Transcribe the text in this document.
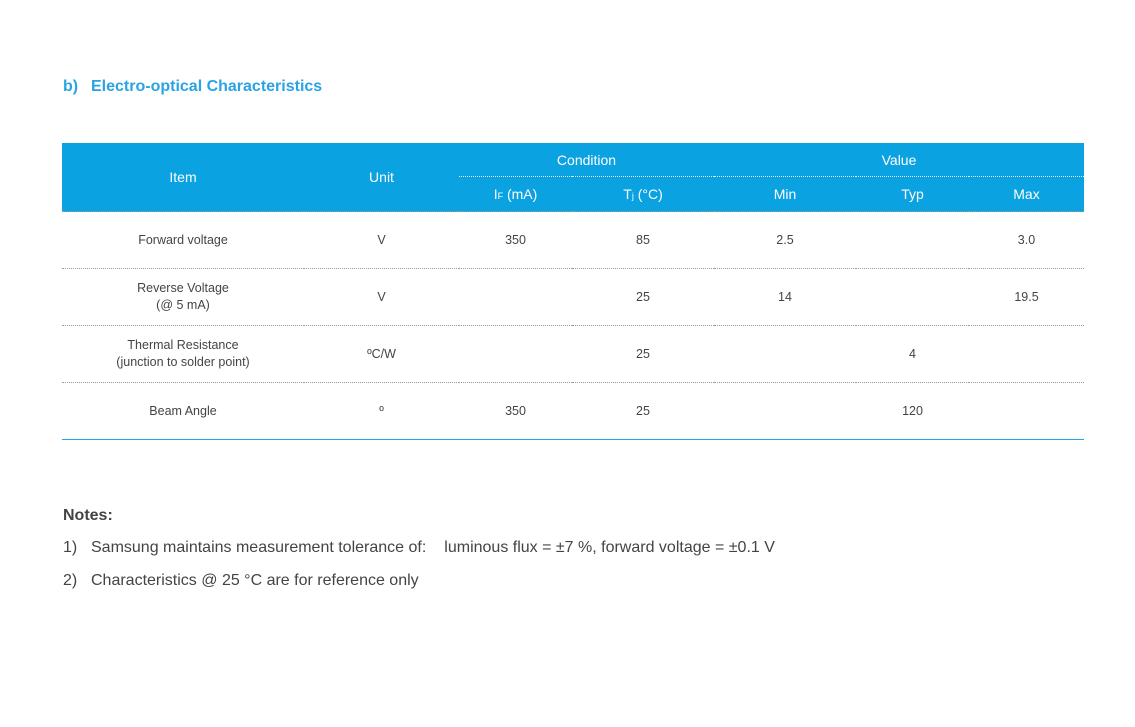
b) Electro-optical Characteristics
Item	Unit	Condition		Value		
		IF (mA)	Tj (°C)	Min	Typ	Max
Forward voltage	V	350	85	2.5		3.0
Reverse Voltage
(@ 5 mA)	V		25	14		19.5
Thermal Resistance
(junction to solder point)	ºC/W		25		4	
Beam Angle	º	350	25		120	
Notes:
1) Samsung maintains measurement tolerance of: luminous flux = ±7 %, forward voltage = ±0.1 V
2) Characteristics @ 25 °C are for reference only
